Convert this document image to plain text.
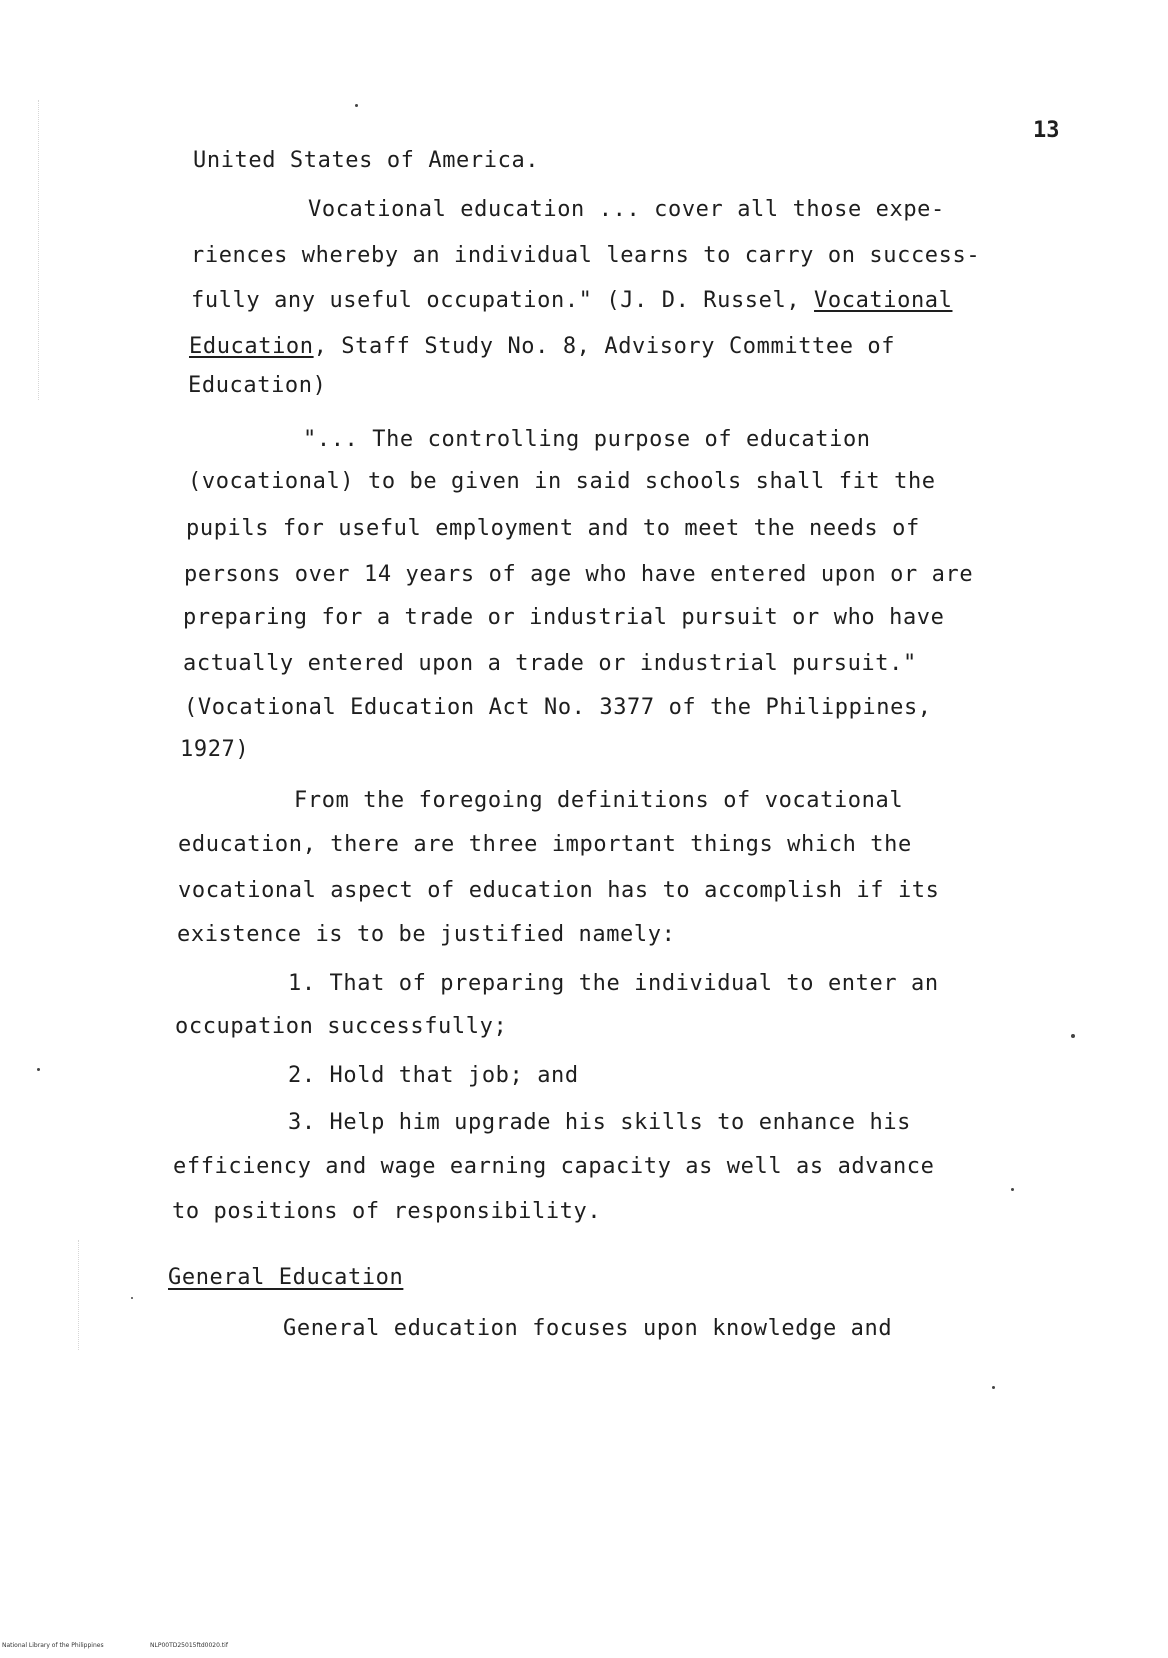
13
United States of America.
Vocational education ... cover all those expe-
riences whereby an individual learns to carry on success-
fully any useful occupation." (J. D. Russel, Vocational
Education, Staff Study No. 8, Advisory Committee of
Education)
"... The controlling purpose of education
(vocational) to be given in said schools shall fit the
pupils for useful employment and to meet the needs of
persons over 14 years of age who have entered upon or are
preparing for a trade or industrial pursuit or who have
actually entered upon a trade or industrial pursuit."
(Vocational Education Act No. 3377 of the Philippines,
1927)
From the foregoing definitions of vocational
education, there are three important things which the
vocational aspect of education has to accomplish if its
existence is to be justified namely:
1. That of preparing the individual to enter an
occupation successfully;
2. Hold that job; and
3. Help him upgrade his skills to enhance his
efficiency and wage earning capacity as well as advance
to positions of responsibility.
General Education
General education focuses upon knowledge and
National Library of the Philippines	NLP00TD25015ftd0020.tif
